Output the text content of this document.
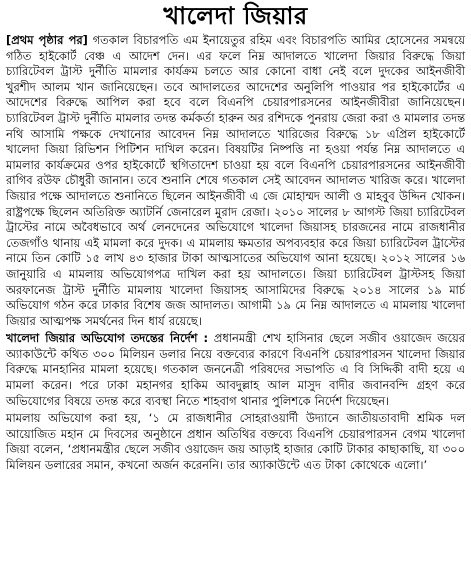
খালেদা জিয়ার

[প্রথম পৃষ্ঠার পর] গতকাল বিচারপতি এম ইনায়েতুর রহিম এবং বিচারপতি আমির হোসেনের সমন্বয়ে গঠিত হাইকোর্ট বেঞ্চ এ আদেশ দেন। এর ফলে নিম্ন আদালতে খালেদা জিয়ার বিরুদ্ধে জিয়া চ্যারিটেবল ট্রাস্ট দুর্নীতি মামলার কার্যক্রম চলতে আর কোনো বাধা নেই বলে দুদকের আইনজীবী খুরশীদ আলম খান জানিয়েছেন। তবে আদালতের আদেশের অনুলিপি পাওয়ার পর হাইকোর্টের এ আদেশের বিরুদ্ধে আপিল করা হবে বলে বিএনপি চেয়ারপারসনের আইনজীবীরা জানিয়েছেন। চ্যারিটেবল ট্রাস্ট দুর্নীতি মামলার তদন্ত কর্মকর্তা হারুন অর রশিদকে পুনরায় জেরা করা ও মামলার তদন্ত নথি আসামি পক্ষকে দেখানোর আবেদন নিম্ন আদালতে খারিজের বিরুদ্ধে ১৮ এপ্রিল হাইকোর্টে খালেদা জিয়া রিভিশন পিটিশন দাখিল করেন। বিষয়টির নিষ্পত্তি না হওয়া পর্যন্ত নিম্ন আদালতে এ মামলার কার্যক্রমের ওপর হাইকোর্টে স্থগিতাদেশ চাওয়া হয় বলে বিএনপি চেয়ারপারসনের আইনজীবী রাগিব রউফ চৌধুরী জানান। তবে শুনানি শেষে গতকাল সেই আবেদন আদালত খারিজ করে। খালেদা জিয়ার পক্ষে আদালতে শুনানিতে ছিলেন আইনজীবী এ জে মোহাম্মদ আলী ও মাহবুব উদ্দিন খোকন। রাষ্ট্রপক্ষে ছিলেন অতিরিক্ত অ্যাটর্নি জেনারেল মুরাদ রেজা। ২০১০ সালের ৮ আগস্ট জিয়া চ্যারিটেবল ট্রাস্টের নামে অবৈধভাবে অর্থ লেনদেনের অভিযোগে খালেদা জিয়াসহ চারজনের নামে রাজধানীর তেজগাঁও থানায় এই মামলা করে দুদক। এ মামলায় ক্ষমতার অপব্যবহার করে জিয়া চ্যারিটেবল ট্রাস্টের নামে তিন কোটি ১৫ লাখ ৪৩ হাজার টাকা আত্মসাতের অভিযোগ আনা হয়েছে। ২০১২ সালের ১৬ জানুয়ারি এ মামলায় অভিযোগপত্র দাখিল করা হয় আদালতে। জিয়া চ্যারিটেবল ট্রাস্টসহ জিয়া অরফানেজ ট্রাস্ট দুর্নীতি মামলায় খালেদা জিয়াসহ আসামিদের বিরুদ্ধে ২০১৪ সালের ১৯ মার্চ অভিযোগ গঠন করে ঢাকার বিশেষ জজ আদালত। আগামী ১৯ মে নিম্ন আদালতে এ মামলায় খালেদা জিয়ার আত্মপক্ষ সমর্থনের দিন ধার্য রয়েছে।

খালেদা জিয়ার অভিযোগ তদন্তের নির্দেশ : প্রধানমন্ত্রী শেখ হাসিনার ছেলে সজীব ওয়াজেদ জয়ের অ্যাকাউন্টে কথিত ৩০০ মিলিয়ন ডলার নিয়ে বক্তব্যের কারণে বিএনপি চেয়ারপারসন খালেদা জিয়ার বিরুদ্ধে মানহানির মামলা হয়েছে। গতকাল জননেত্রী পরিষদের সভাপতি এ বি সিদ্দিকী বাদী হয়ে এ মামলা করেন। পরে ঢাকা মহানগর হাকিম আবদুল্লাহ আল মাসুদ বাদীর জবানবন্দি গ্রহণ করে অভিযোগের বিষয়ে তদন্ত করে ব্যবস্থা নিতে শাহবাগ থানার পুলিশকে নির্দেশ দিয়েছেন।

মামলায় অভিযোগ করা হয়, ‘১ মে রাজধানীর সোহরাওয়ার্দী উদ্যানে জাতীয়তাবাদী শ্রমিক দল আয়োজিত মহান মে দিবসের অনুষ্ঠানে প্রধান অতিথির বক্তব্যে বিএনপি চেয়ারপারসন বেগম খালেদা জিয়া বলেন, ‘প্রধানমন্ত্রীর ছেলে সজীব ওয়াজেদ জয় আড়াই হাজার কোটি টাকার কাছাকাছি, যা ৩০০ মিলিয়ন ডলারের সমান, কখনো অর্জন করেননি। তার অ্যাকাউন্টে এত টাকা কোথেকে এলো।’
